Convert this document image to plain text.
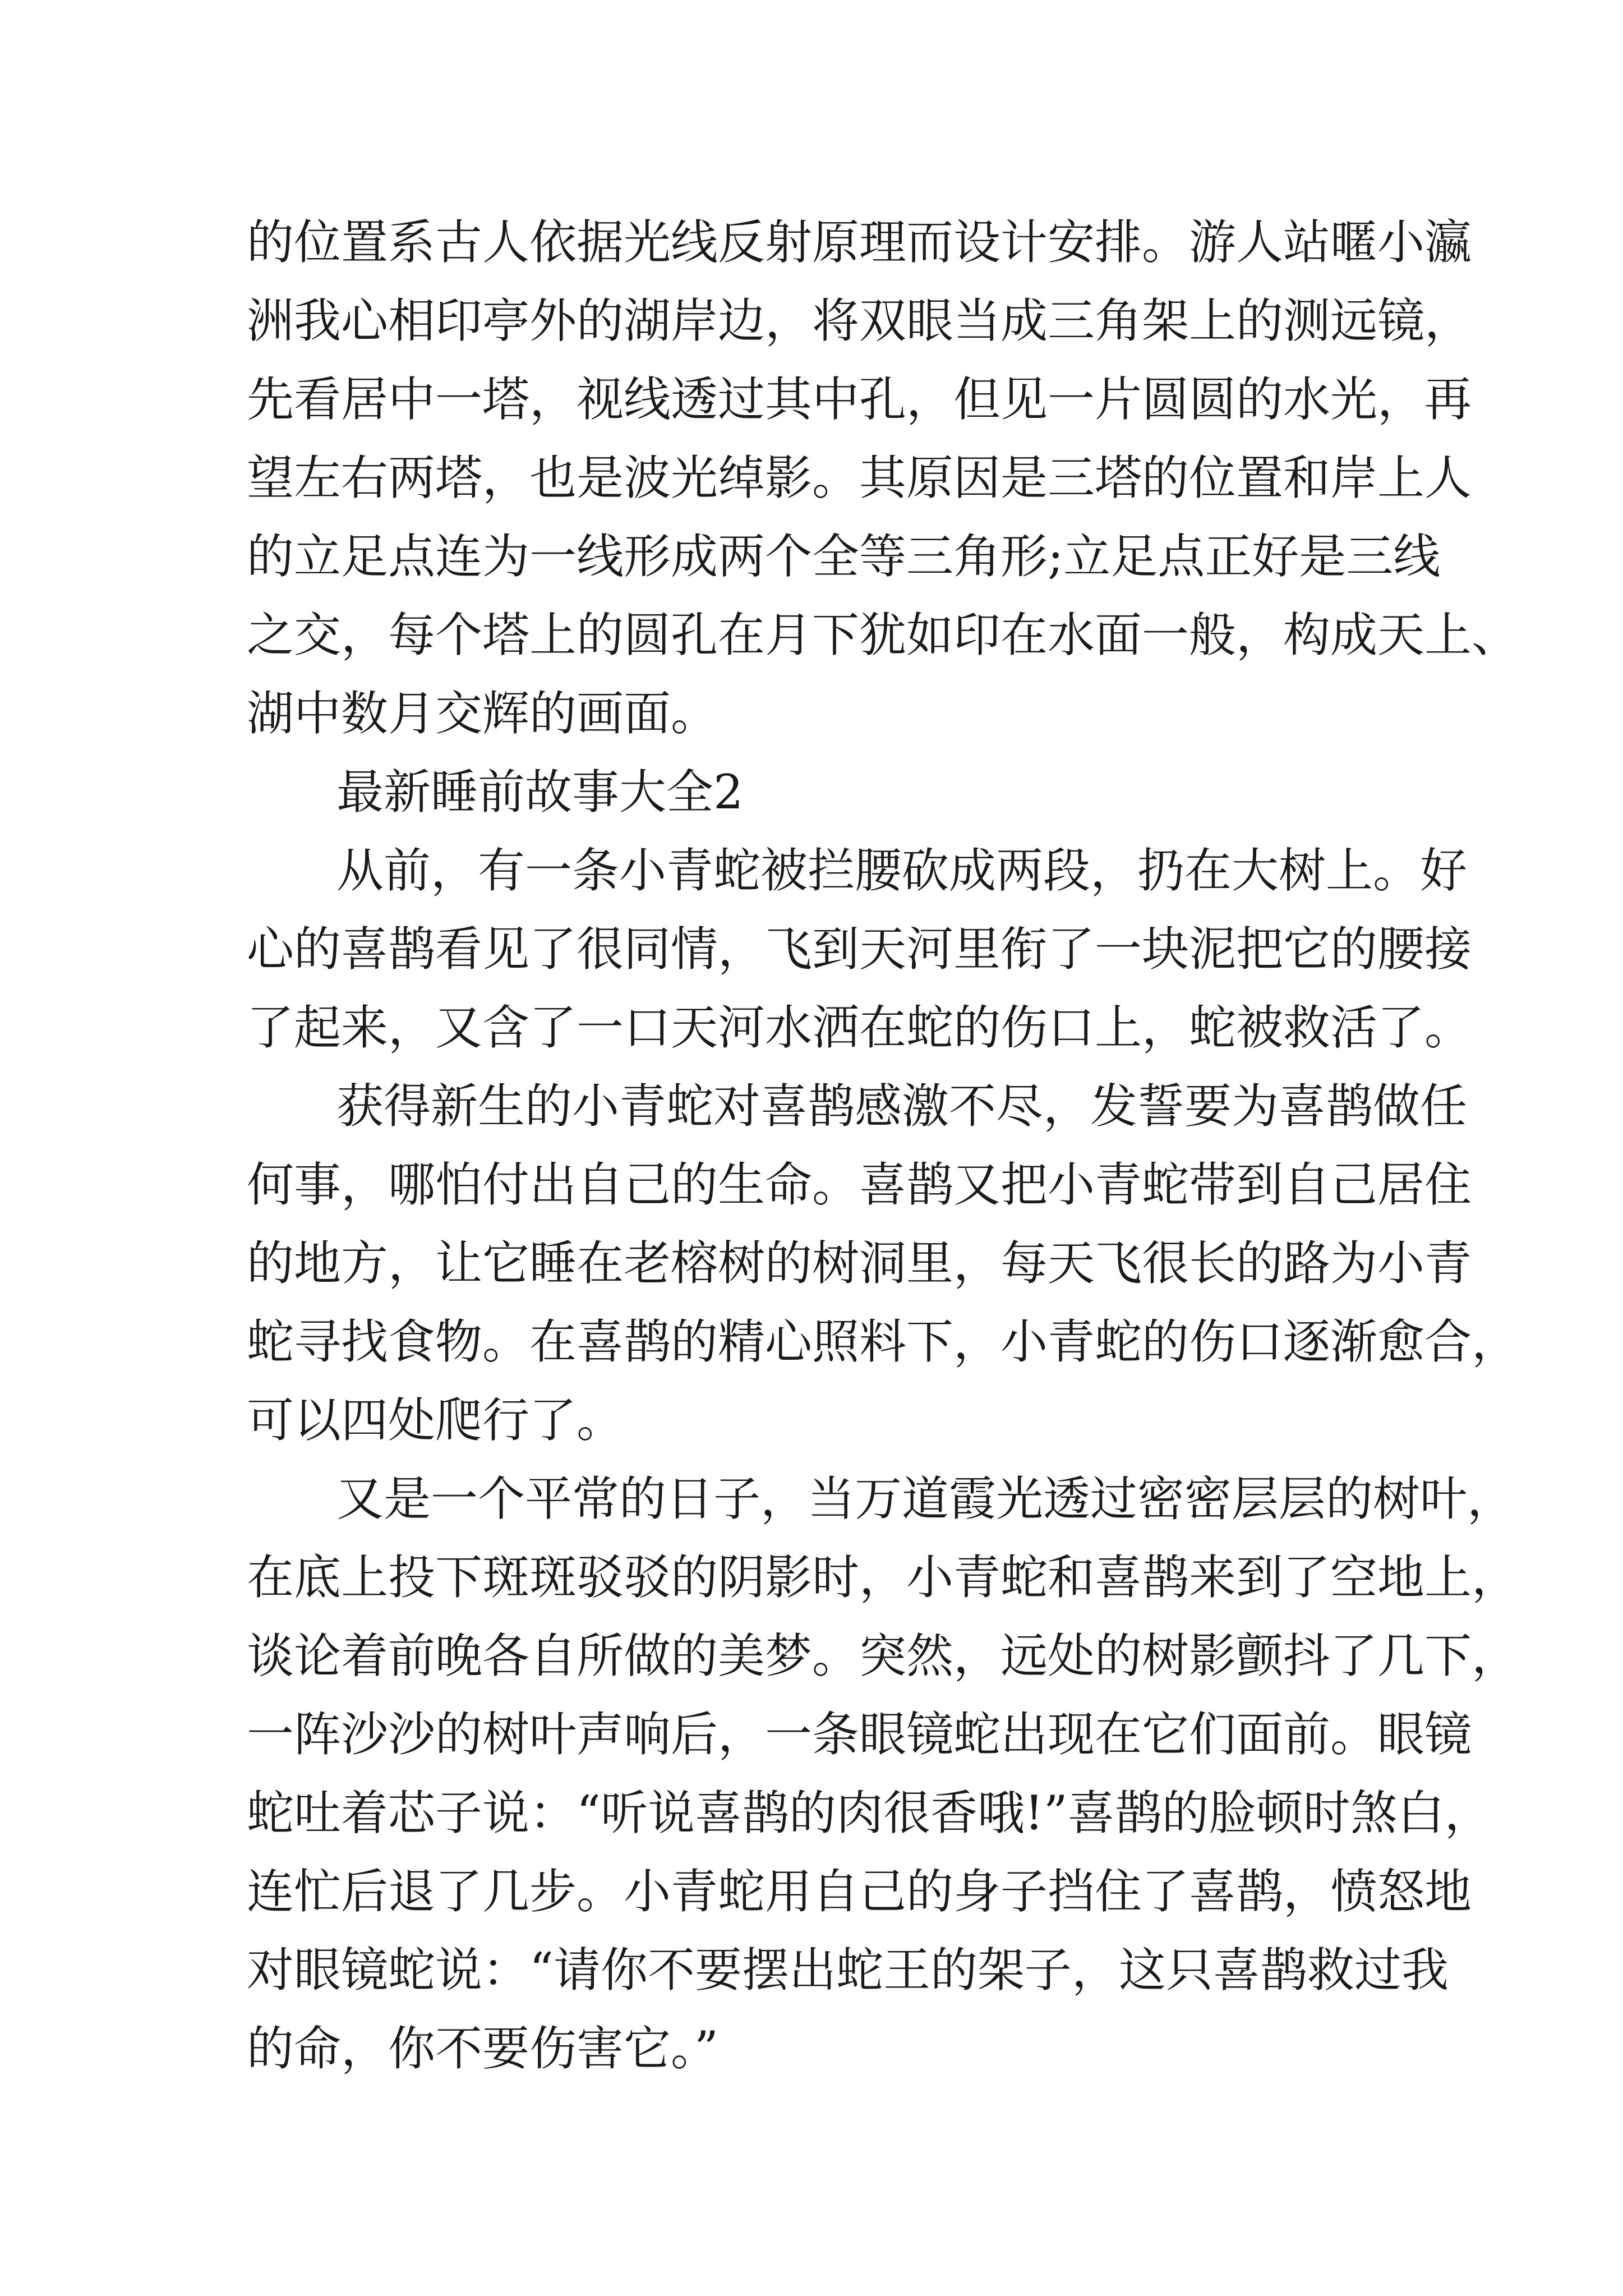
的位置系古人依据光线反射原理而设计安排。游人站暱小瀛
洲我心相印亭外的湖岸边，将双眼当成三角架上的测远镜，
先看居中一塔，视线透过其中孔，但见一片圆圆的水光，再
望左右两塔，也是波光绰影。其原因是三塔的位置和岸上人
的立足点连为一线形成两个全等三角形;立足点正好是三线
之交，每个塔上的圆孔在月下犹如印在水面一般，构成天上、
湖中数月交辉的画面。
最新睡前故事大全2
从前，有一条小青蛇被拦腰砍成两段，扔在大树上。好
心的喜鹊看见了很同情，飞到天河里衔了一块泥把它的腰接
了起来，又含了一口天河水洒在蛇的伤口上，蛇被救活了。
获得新生的小青蛇对喜鹊感激不尽，发誓要为喜鹊做任
何事，哪怕付出自己的生命。喜鹊又把小青蛇带到自己居住
的地方，让它睡在老榕树的树洞里，每天飞很长的路为小青
蛇寻找食物。在喜鹊的精心照料下，小青蛇的伤口逐渐愈合，
可以四处爬行了。
又是一个平常的日子，当万道霞光透过密密层层的树叶，
在底上投下斑斑驳驳的阴影时，小青蛇和喜鹊来到了空地上，
谈论着前晚各自所做的美梦。突然，远处的树影颤抖了几下，
一阵沙沙的树叶声响后，一条眼镜蛇出现在它们面前。眼镜
蛇吐着芯子说：“听说喜鹊的肉很香哦!”喜鹊的脸顿时煞白，
连忙后退了几步。小青蛇用自己的身子挡住了喜鹊，愤怒地
对眼镜蛇说：“请你不要摆出蛇王的架子，这只喜鹊救过我
的命，你不要伤害它。”
